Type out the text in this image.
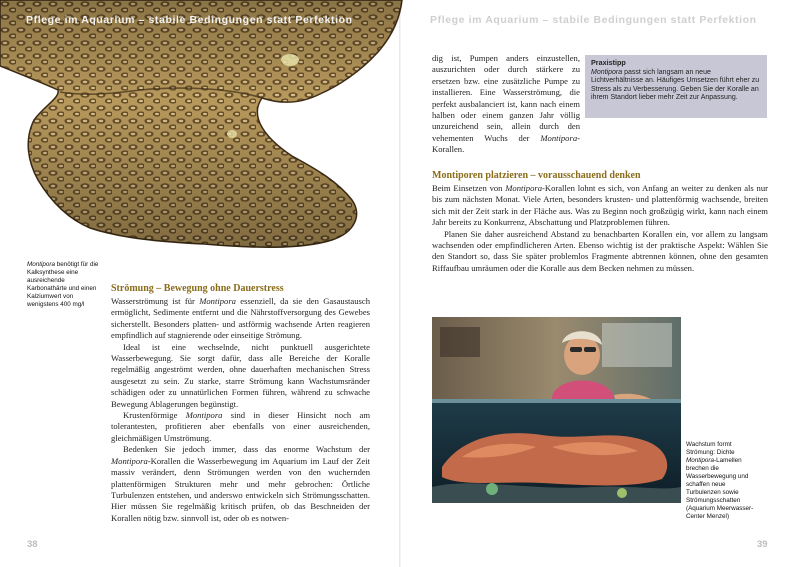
Pflege im Aquarium – stabile Bedingungen statt Perfektion
Montipora benötigt für die Kalksynthese eine ausreichende Karbonathärte und einen Kalziumwert von wenigstens 400 mg/l
Strömung – Bewegung ohne Dauerstress

Wasserströmung ist für Montipora essenziell, da sie den Gasaustausch ermöglicht, Sedimente entfernt und die Nährstoffversorgung des Gewebes sicherstellt. Besonders platten- und astförmig wachsende Arten reagieren empfindlich auf stagnierende oder einseitige Strömung.

Ideal ist eine wechselnde, nicht punktuell ausgerichtete Wasserbewegung. Sie sorgt dafür, dass alle Bereiche der Koralle regelmäßig angeströmt werden, ohne dauerhaften mechanischen Stress ausgesetzt zu sein. Zu starke, starre Strömung kann Wachstumsränder schädigen oder zu unnatürlichen Formen führen, während zu schwache Bewegung Ablagerungen begünstigt.

Krustenförmige Montipora sind in dieser Hinsicht noch am tolerantesten, profitieren aber ebenfalls von einer ausreichenden, gleichmäßigen Umströmung.

Bedenken Sie jedoch immer, dass das enorme Wachstum der Montipora-Korallen die Wasserbewegung im Aquarium im Lauf der Zeit massiv verändert, denn Strömungen werden von den wuchernden plattenförmigen Strukturen mehr und mehr gebrochen: Örtliche Turbulenzen entstehen, und anderswo entwickeln sich Strömungsschatten. Hier müssen Sie regelmäßig kritisch prüfen, ob das Beschneiden der Korallen nötig bzw. sinnvoll ist, oder ob es notwen-

38
Pflege im Aquarium – stabile Bedingungen statt Perfektion

dig ist, Pumpen anders einzustellen, auszurichten oder durch stärkere zu ersetzen bzw. eine zusätzliche Pumpe zu installieren. Eine Wasserströmung, die perfekt ausbalanciert ist, kann nach einem halben oder einem ganzen Jahr völlig unzureichend sein, allein durch den vehementen Wuchs der Montipora-Korallen.

Praxistipp
Montipora passt sich langsam an neue Lichtverhältnisse an. Häufiges Umsetzen führt eher zu Stress als zu Verbesserung. Geben Sie der Koralle an ihrem Standort lieber mehr Zeit zur Anpassung.
Montiporen platzieren – vorausschauend denken

Beim Einsetzen von Montipora-Korallen lohnt es sich, von Anfang an weiter zu denken als nur bis zum nächsten Monat. Viele Arten, besonders krusten- und plattenförmig wachsende, breiten sich mit der Zeit stark in der Fläche aus. Was zu Beginn noch großzügig wirkt, kann nach einem Jahr bereits zu Konkurrenz, Abschattung und Platzproblemen führen.

Planen Sie daher ausreichend Abstand zu benachbarten Korallen ein, vor allem zu langsam wachsenden oder empfindlicheren Arten. Ebenso wichtig ist der praktische Aspekt: Wählen Sie den Standort so, dass Sie später problemlos Fragmente abtrennen können, ohne den gesamten Riffaufbau umräumen oder die Koralle aus dem Becken nehmen zu müssen.

Wachstum formt Strömung: Dichte Montipora-Lamellen brechen die Wasserbewegung und schaffen neue Turbulenzen sowie Strömungsschatten (Aquarium Meerwasser-Center Menzel)
39
